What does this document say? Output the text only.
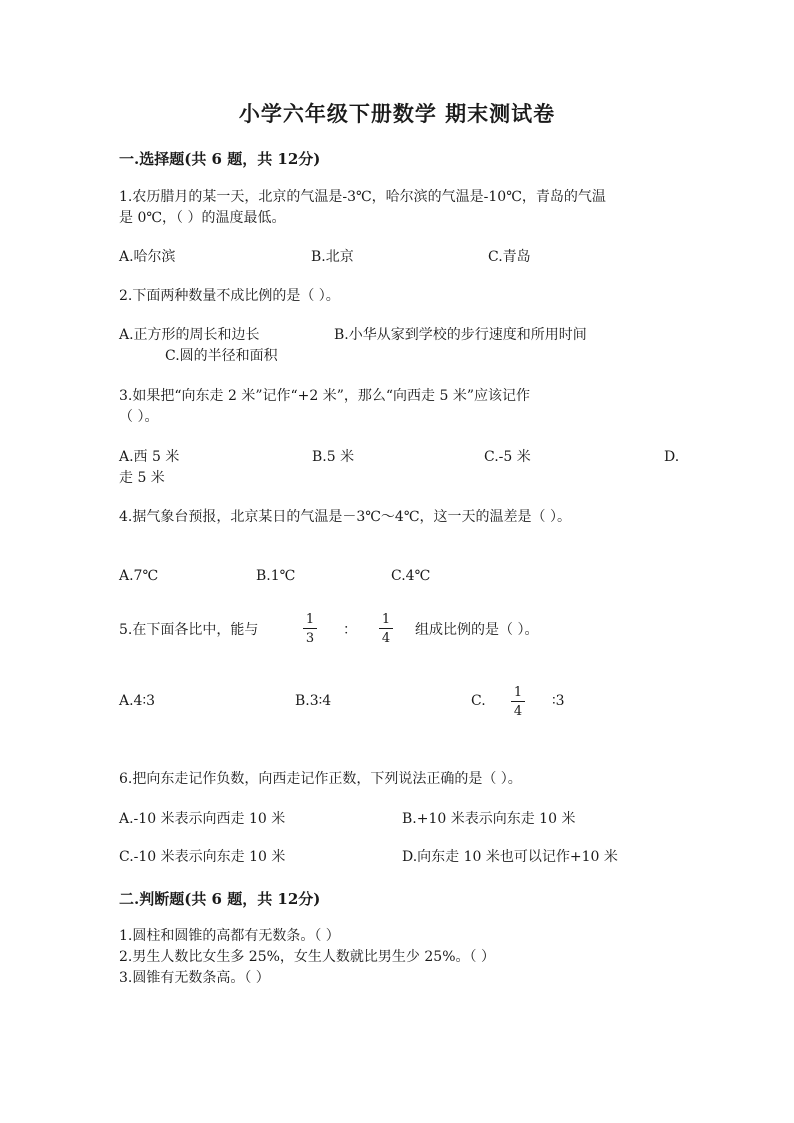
小学六年级下册数学 期末测试卷
一.选择题(共 6 题，共 12分)
1.农历腊月的某一天，北京的气温是-3℃，哈尔滨的气温是-10℃，青岛的气温
是 0℃，（ ）的温度最低。
A.哈尔滨	B.北京	C.青岛
2.下面两种数量不成比例的是（ ）。
A.正方形的周长和边长	B.小华从家到学校的步行速度和所用时间
C.圆的半径和面积
3.如果把“向东走 2 米”记作“+2 米”，那么“向西走 5 米”应该记作
（ ）。
A.西 5 米	B.5 米	C.-5 米	D.
走 5 米
4.据气象台预报，北京某日的气温是－3℃～4℃，这一天的温差是（ ）。
A.7℃	B.1℃	C.4℃
5.在下面各比中，能与
1
3
：
1
4
组成比例的是（ ）。
A.4∶3	B.3∶4	C.
1
4
∶3
6.把向东走记作负数，向西走记作正数，下列说法正确的是（ ）。
A.-10 米表示向西走 10 米	B.+10 米表示向东走 10 米
C.-10 米表示向东走 10 米	D.向东走 10 米也可以记作+10 米
二.判断题(共 6 题，共 12分)
1.圆柱和圆锥的高都有无数条。（ ）
2.男生人数比女生多 25%，女生人数就比男生少 25%。（ ）
3.圆锥有无数条高。（ ）
